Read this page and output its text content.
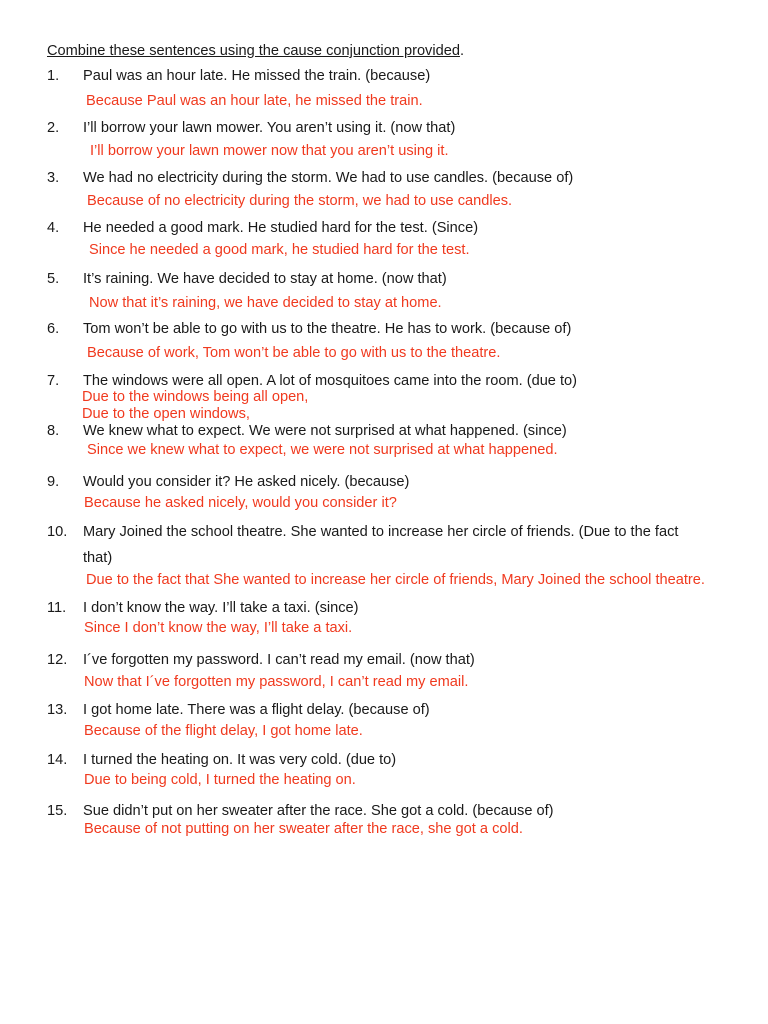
Combine these sentences using the cause conjunction provided.
1. Paul was an hour late. He missed the train. (because)
Because Paul was an hour late, he missed the train.
2. I’ll borrow your lawn mower. You aren’t using it. (now that)
I’ll borrow your lawn mower now that you aren’t using it.
3. We had no electricity during the storm. We had to use candles. (because of)
Because of no electricity during the storm, we had to use candles.
4. He needed a good mark. He studied hard for the test. (Since)
Since he needed a good mark, he studied hard for the test.
5. It’s raining. We have decided to stay at home. (now that)
Now that it’s raining, we have decided to stay at home.
6. Tom won’t be able to go with us to the theatre. He has to work. (because of)
Because of work, Tom won’t be able to go with us to the theatre.
7. The windows were all open. A lot of mosquitoes came into the room. (due to)
Due to the windows being all open,
Due to the open windows,
8. We knew what to expect. We were not surprised at what happened. (since)
Since we knew what to expect, we were not surprised at what happened.
9. Would you consider it? He asked nicely. (because)
Because he asked nicely, would you consider it?
10. Mary Joined the school theatre. She wanted to increase her circle of friends. (Due to the fact
that)
Due to the fact that She wanted to increase her circle of friends, Mary Joined the school theatre.
11. I don’t know the way. I’ll take a taxi. (since)
Since I don’t know the way, I’ll take a taxi.
12. I´ve forgotten my password. I can’t read my email. (now that)
Now that I´ve forgotten my password, I can’t read my email.
13. I got home late. There was a flight delay. (because of)
Because of the flight delay, I got home late.
14. I turned the heating on. It was very cold. (due to)
Due to being cold, I turned the heating on.
15. Sue didn’t put on her sweater after the race. She got a cold. (because of)
Because of not putting on her sweater after the race, she got a cold.
